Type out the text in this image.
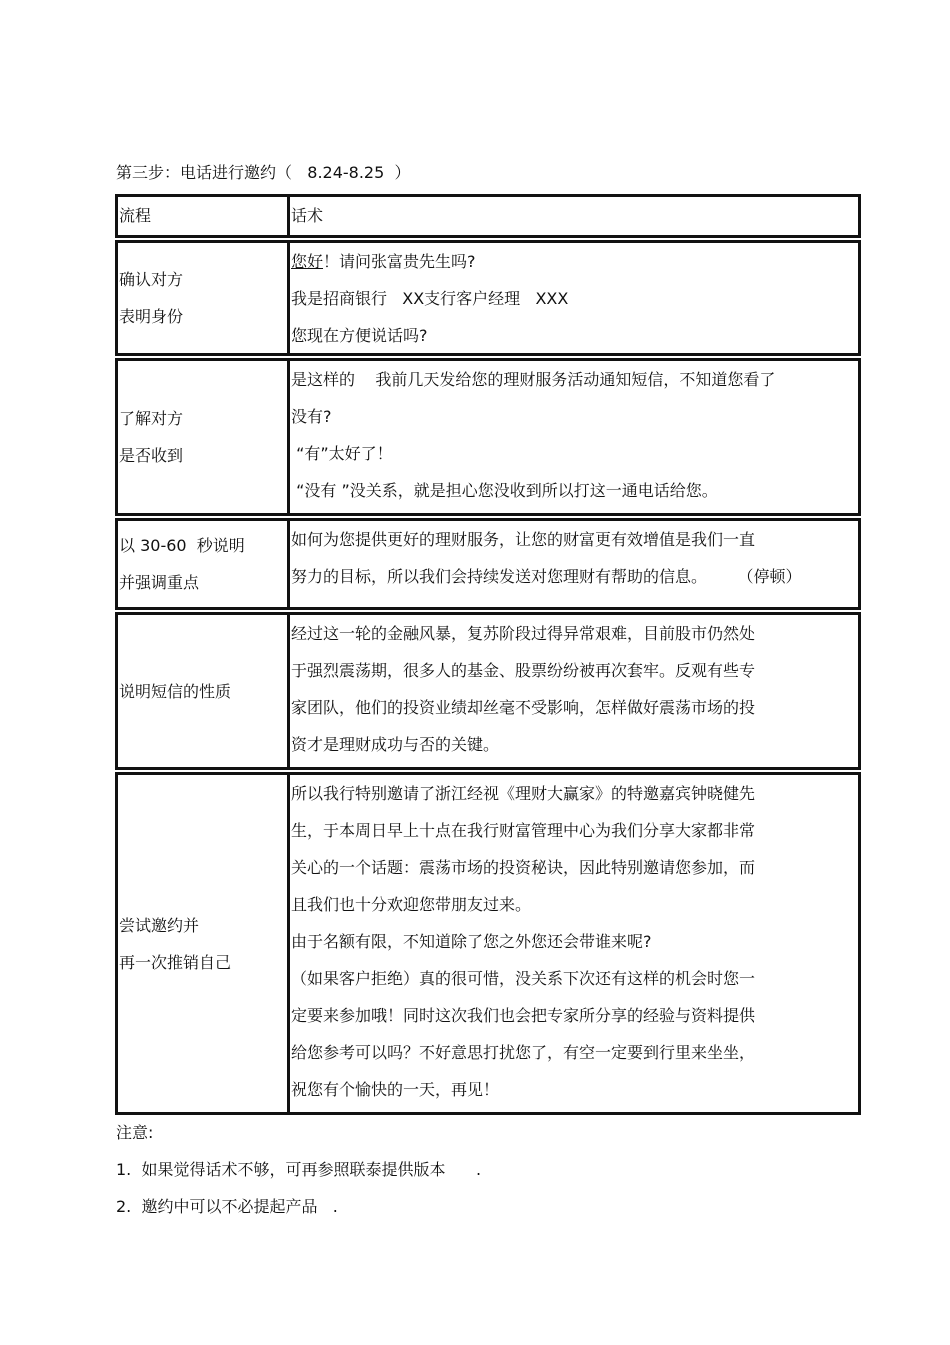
第三步：电话进行邀约（   8.24-8.25  ）
流程	话术
确认对方
表明身份
您好！请问张富贵先生吗?
我是招商银行   XX支行客户经理   XXX
您现在方便说话吗?
了解对方
是否收到
是这样的    我前几天发给您的理财服务活动通知短信，不知道您看了
没有?
“有”太好了！
“没有 ”没关系，就是担心您没收到所以打这一通电话给您。
以 30-60  秒说明
并强调重点
如何为您提供更好的理财服务，让您的财富更有效增值是我们一直
努力的目标，所以我们会持续发送对您理财有帮助的信息。      （停顿）
说明短信的性质
经过这一轮的金融风暴，复苏阶段过得异常艰难，目前股市仍然处
于强烈震荡期，很多人的基金、股票纷纷被再次套牢。反观有些专
家团队，他们的投资业绩却丝毫不受影响，怎样做好震荡市场的投
资才是理财成功与否的关键。
尝试邀约并
再一次推销自己
所以我行特别邀请了浙江经视《理财大赢家》的特邀嘉宾钟晓健先
生，于本周日早上十点在我行财富管理中心为我们分享大家都非常
关心的一个话题：震荡市场的投资秘诀，因此特别邀请您参加，而
且我们也十分欢迎您带朋友过来。
由于名额有限，不知道除了您之外您还会带谁来呢?
（如果客户拒绝）真的很可惜，没关系下次还有这样的机会时您一
定要来参加哦！同时这次我们也会把专家所分享的经验与资料提供
给您参考可以吗？不好意思打扰您了，有空一定要到行里来坐坐，
祝您有个愉快的一天，再见！
注意:
1.  如果觉得话术不够，可再参照联泰提供版本      .
2.  邀约中可以不必提起产品   .
